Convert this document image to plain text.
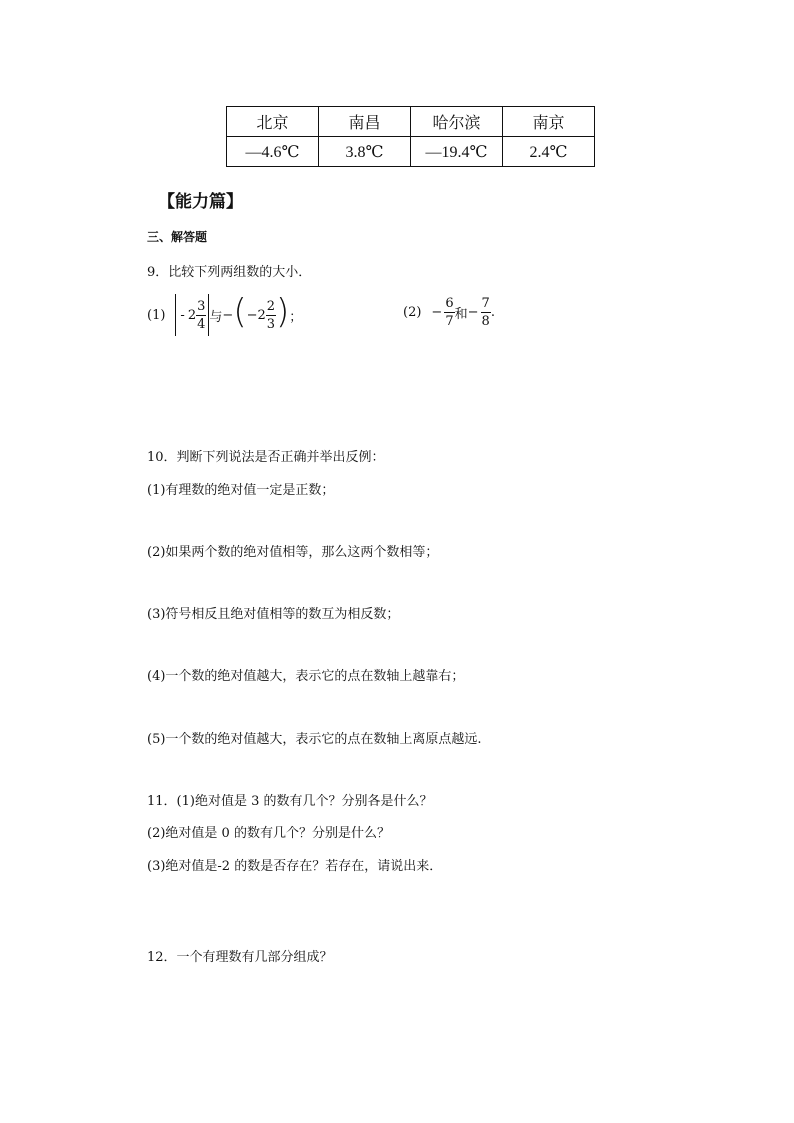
北京	南昌	哈尔滨	南京
—4.6℃	3.8℃	—19.4℃	2.4℃
【能力篇】
三、解答题
9．比较下列两组数的大小．
$(1) - 2 \frac{3}{4}$ 与 − ( $-2 \frac{2}{3}$ ) ；	$(2) - \frac{6}{7}$ 和 − $\frac{7}{8}$ .
10．判断下列说法是否正确并举出反例：
(1)有理数的绝对值一定是正数；
(2)如果两个数的绝对值相等，那么这两个数相等；
(3)符号相反且绝对值相等的数互为相反数；
(4)一个数的绝对值越大，表示它的点在数轴上越靠右；
(5)一个数的绝对值越大，表示它的点在数轴上离原点越远.
11．(1)绝对值是 3 的数有几个？分别各是什么？
(2)绝对值是 0 的数有几个？分别是什么？
(3)绝对值是-2 的数是否存在？若存在，请说出来．
12．一个有理数有几部分组成？
